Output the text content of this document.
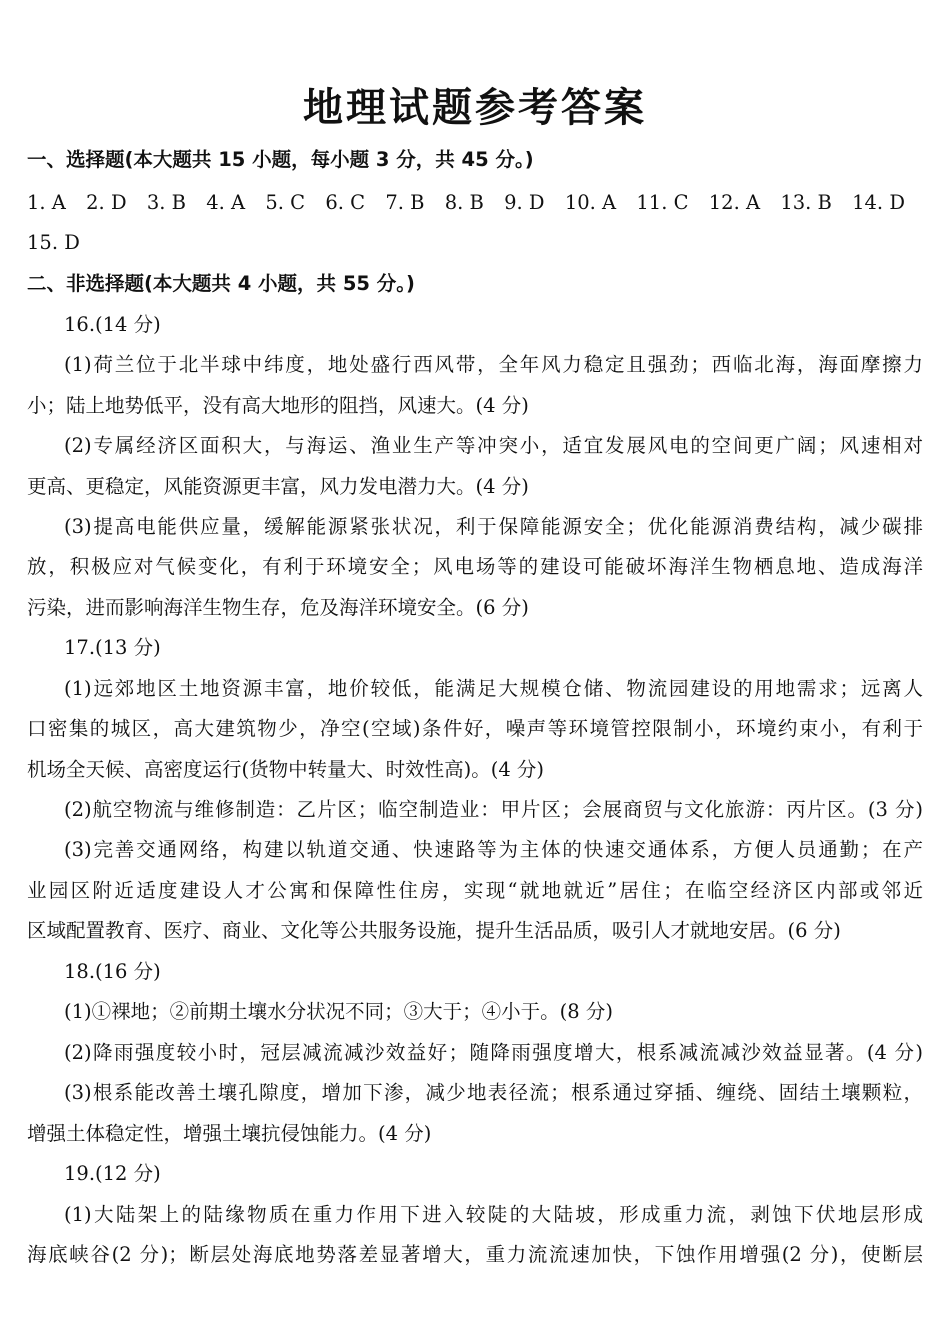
地理试题参考答案
一、选择题(本大题共 15 小题，每小题 3 分，共 45 分。)
1. A 2. D 3. B 4. A 5. C 6. C 7. B 8. B 9. D 10. A 11. C 12. A 13. B 14. D
15. D
二、非选择题(本大题共 4 小题，共 55 分。)
16.(14 分)
(1)荷兰位于北半球中纬度，地处盛行西风带，全年风力稳定且强劲；西临北海，海面摩擦力
小；陆上地势低平，没有高大地形的阻挡，风速大。(4 分)
(2)专属经济区面积大，与海运、渔业生产等冲突小，适宜发展风电的空间更广阔；风速相对
更高、更稳定，风能资源更丰富，风力发电潜力大。(4 分)
(3)提高电能供应量，缓解能源紧张状况，利于保障能源安全；优化能源消费结构，减少碳排
放，积极应对气候变化，有利于环境安全；风电场等的建设可能破坏海洋生物栖息地、造成海洋
污染，进而影响海洋生物生存，危及海洋环境安全。(6 分)
17.(13 分)
(1)远郊地区土地资源丰富，地价较低，能满足大规模仓储、物流园建设的用地需求；远离人
口密集的城区，高大建筑物少，净空(空域)条件好，噪声等环境管控限制小，环境约束小，有利于
机场全天候、高密度运行(货物中转量大、时效性高)。(4 分)
(2)航空物流与维修制造：乙片区；临空制造业：甲片区；会展商贸与文化旅游：丙片区。(3 分)
(3)完善交通网络，构建以轨道交通、快速路等为主体的快速交通体系，方便人员通勤；在产
业园区附近适度建设人才公寓和保障性住房，实现“就地就近”居住；在临空经济区内部或邻近
区域配置教育、医疗、商业、文化等公共服务设施，提升生活品质，吸引人才就地安居。(6 分)
18.(16 分)
(1)①裸地；②前期土壤水分状况不同；③大于；④小于。(8 分)
(2)降雨强度较小时，冠层减流减沙效益好；随降雨强度增大，根系减流减沙效益显著。(4 分)
(3)根系能改善土壤孔隙度，增加下渗，减少地表径流；根系通过穿插、缠绕、固结土壤颗粒，
增强土体稳定性，增强土壤抗侵蚀能力。(4 分)
19.(12 分)
(1)大陆架上的陆缘物质在重力作用下进入较陡的大陆坡，形成重力流，剥蚀下伏地层形成
海底峡谷(2 分)；断层处海底地势落差显著增大，重力流流速加快，下蚀作用增强(2 分)，使断层
